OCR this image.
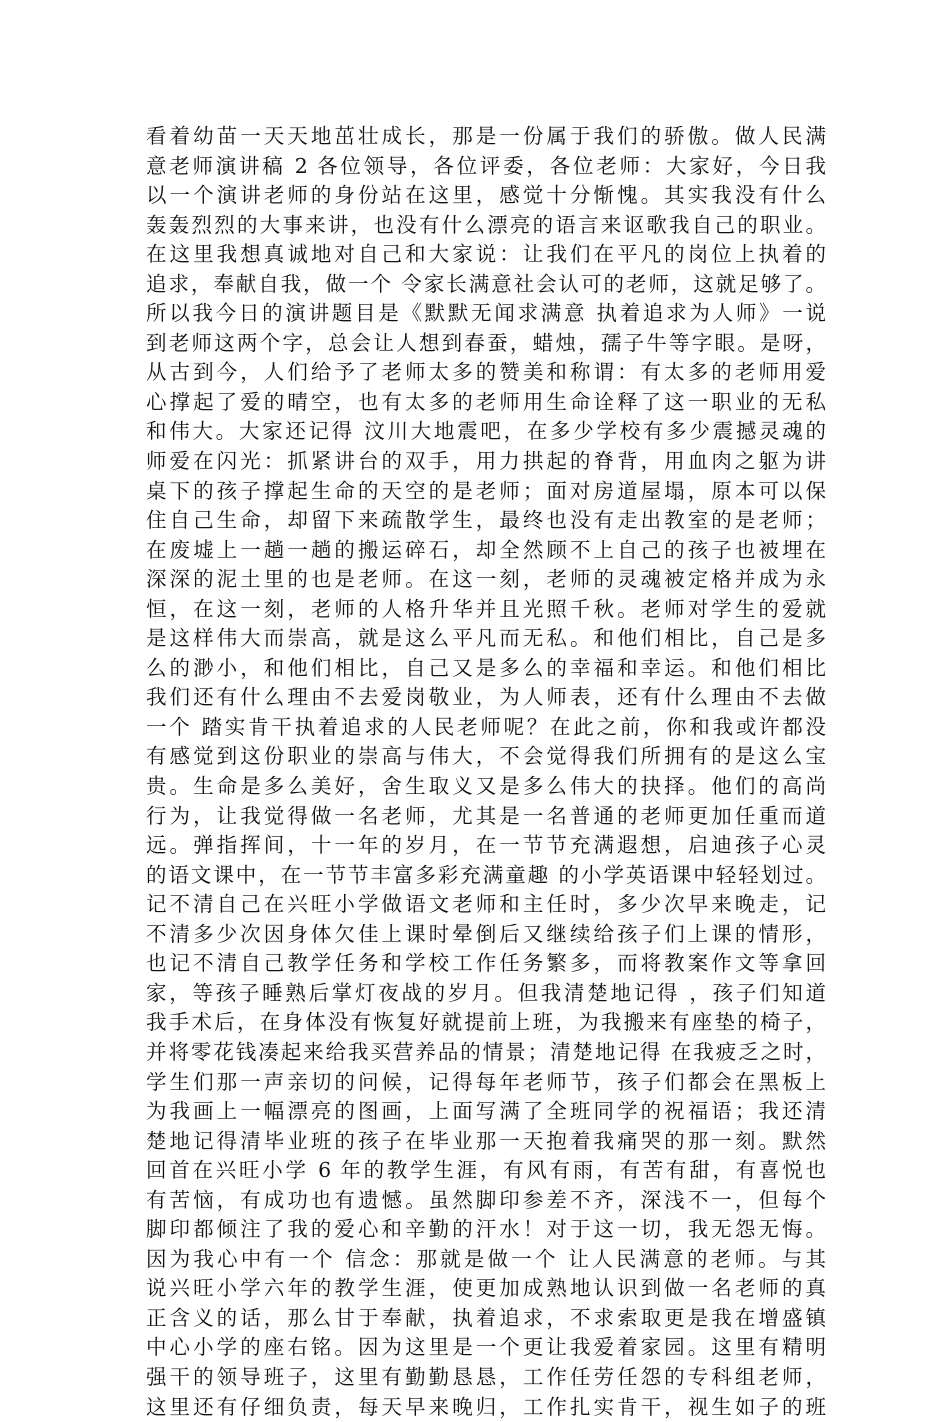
看着幼苗一天天地茁壮成长，那是一份属于我们的骄傲。做人民满
意老师演讲稿 2 各位领导，各位评委，各位老师：大家好，今日我
以一个演讲老师的身份站在这里，感觉十分惭愧。其实我没有什么
轰轰烈烈的大事来讲，也没有什么漂亮的语言来讴歌我自己的职业。
在这里我想真诚地对自己和大家说：让我们在平凡的岗位上执着的
追求，奉献自我，做一个 令家长满意社会认可的老师，这就足够了。
所以我今日的演讲题目是《默默无闻求满意 执着追求为人师》一说
到老师这两个字，总会让人想到春蚕，蜡烛，孺子牛等字眼。是呀，
从古到今，人们给予了老师太多的赞美和称谓：有太多的老师用爱
心撑起了爱的晴空，也有太多的老师用生命诠释了这一职业的无私
和伟大。大家还记得 汶川大地震吧，在多少学校有多少震撼灵魂的
师爱在闪光：抓紧讲台的双手，用力拱起的脊背，用血肉之躯为讲
桌下的孩子撑起生命的天空的是老师；面对房道屋塌，原本可以保
住自己生命，却留下来疏散学生，最终也没有走出教室的是老师；
在废墟上一趟一趟的搬运碎石，却全然顾不上自己的孩子也被埋在
深深的泥土里的也是老师。在这一刻，老师的灵魂被定格并成为永
恒，在这一刻，老师的人格升华并且光照千秋。老师对学生的爱就
是这样伟大而崇高，就是这么平凡而无私。和他们相比，自己是多
么的渺小，和他们相比，自己又是多么的幸福和幸运。和他们相比
我们还有什么理由不去爱岗敬业，为人师表，还有什么理由不去做
一个 踏实肯干执着追求的人民老师呢？在此之前，你和我或许都没
有感觉到这份职业的崇高与伟大，不会觉得我们所拥有的是这么宝
贵。生命是多么美好，舍生取义又是多么伟大的抉择。他们的高尚
行为，让我觉得做一名老师，尤其是一名普通的老师更加任重而道
远。弹指挥间，十一年的岁月，在一节节充满遐想，启迪孩子心灵
的语文课中，在一节节丰富多彩充满童趣 的小学英语课中轻轻划过。
记不清自己在兴旺小学做语文老师和主任时，多少次早来晚走，记
不清多少次因身体欠佳上课时晕倒后又继续给孩子们上课的情形，
也记不清自己教学任务和学校工作任务繁多，而将教案作文等拿回
家，等孩子睡熟后掌灯夜战的岁月。但我清楚地记得 ，孩子们知道
我手术后，在身体没有恢复好就提前上班，为我搬来有座垫的椅子，
并将零花钱凑起来给我买营养品的情景；清楚地记得 在我疲乏之时，
学生们那一声亲切的问候，记得每年老师节，孩子们都会在黑板上
为我画上一幅漂亮的图画，上面写满了全班同学的祝福语；我还清
楚地记得清毕业班的孩子在毕业那一天抱着我痛哭的那一刻。默然
回首在兴旺小学 6 年的教学生涯，有风有雨，有苦有甜，有喜悦也
有苦恼，有成功也有遗憾。虽然脚印参差不齐，深浅不一，但每个
脚印都倾注了我的爱心和辛勤的汗水！对于这一切，我无怨无悔。
因为我心中有一个 信念：那就是做一个 让人民满意的老师。与其
说兴旺小学六年的教学生涯，使更加成熟地认识到做一名老师的真
正含义的话，那么甘于奉献，执着追求，不求索取更是我在增盛镇
中心小学的座右铭。因为这里是一个更让我爱着家园。这里有精明
强干的领导班子，这里有勤勤恳恳，工作任劳任怨的专科组老师，
这里还有仔细负责，每天早来晚归，工作扎实肯干，视生如子的班
